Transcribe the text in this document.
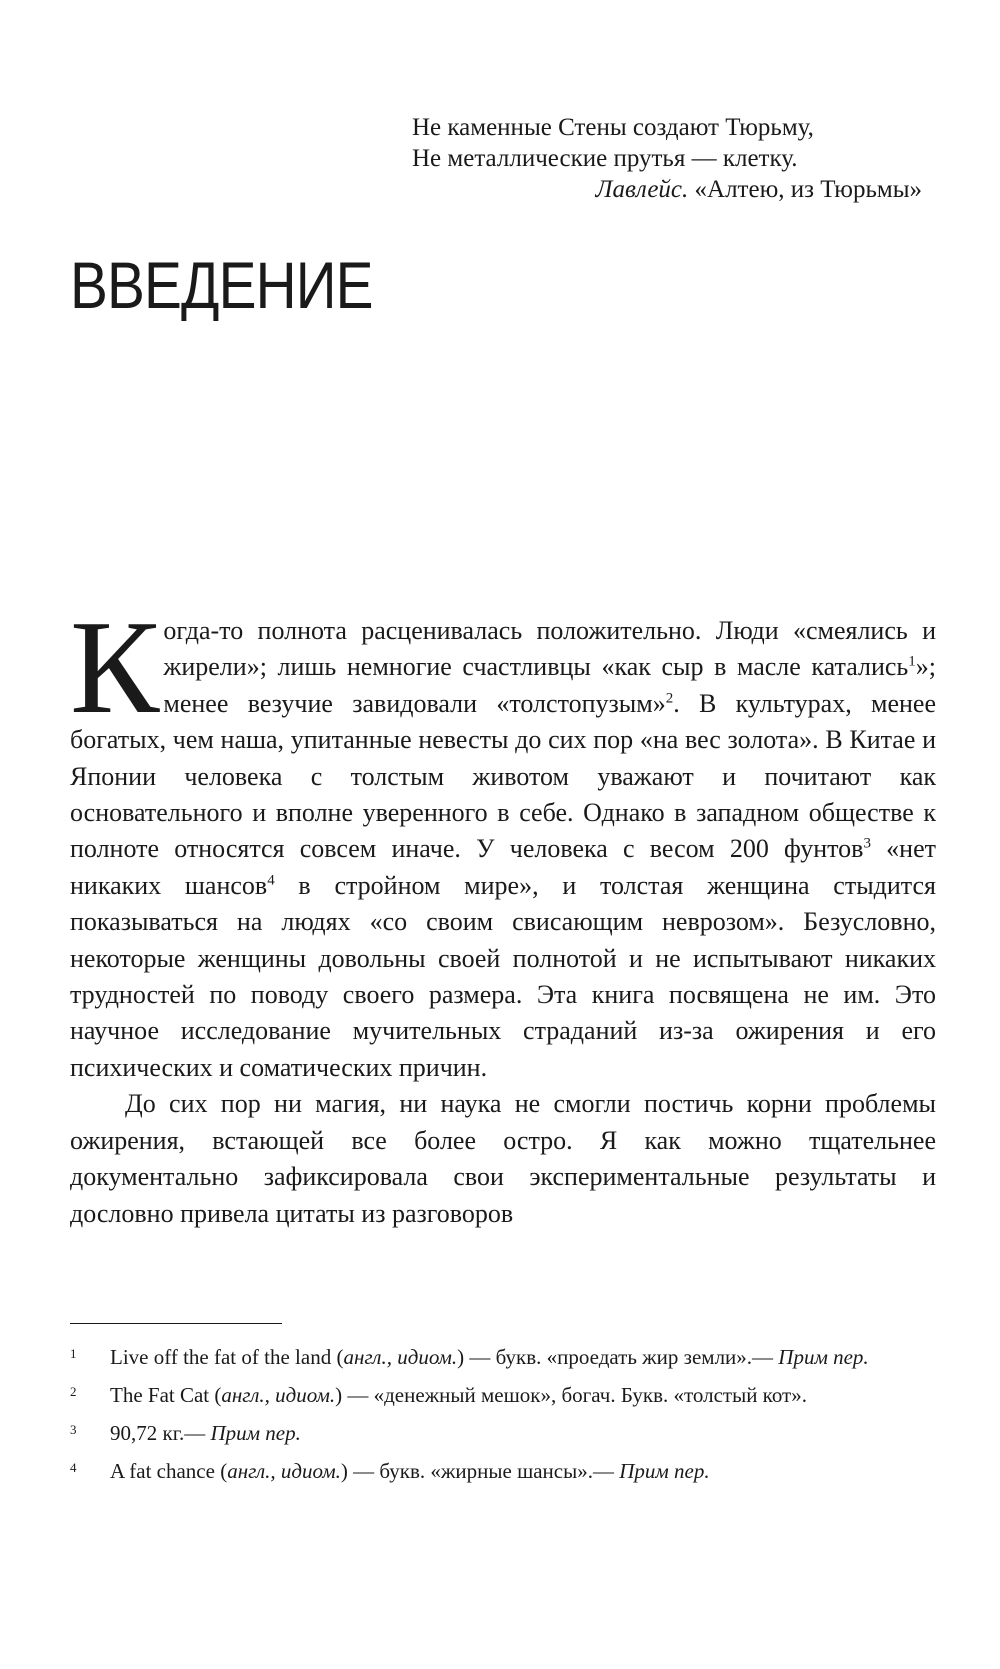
Не каменные Стены создают Тюрьму,
Не металлические прутья — клетку.
Лавлейс. «Алтею, из Тюрьмы»
ВВЕДЕНИЕ

Когда-то полнота расценивалась положительно. Люди «смеялись и жирели»; лишь немногие счастливцы «как сыр в масле катались$^1$»; менее везучие завидовали «толстопузым»$^2$. В культурах, менее богатых, чем наша, упитанные невесты до сих пор «на вес золота». В Китае и Японии человека с толстым животом уважают и почитают как основательного и вполне уверенного в себе. Однако в западном обществе к полноте относятся совсем иначе. У человека с весом 200 фунтов$^3$ «нет никаких шансов$^4$ в стройном мире», и толстая женщина стыдится показываться на людях «со своим свисающим неврозом». Безусловно, некоторые женщины довольны своей полнотой и не испытывают никаких трудностей по поводу своего размера. Эта книга посвящена не им. Это научное исследование мучительных страданий из-за ожирения и его психических и соматических причин.

До сих пор ни магия, ни наука не смогли постичь корни проблемы ожирения, встающей все более остро. Я как можно тщательнее документально зафиксировала свои экспериментальные результаты и дословно привела цитаты из разговоров

1 Live off the fat of the land (англ., идиом.) — букв. «проедать жир земли».— Прим пер.
2 The Fat Cat (англ., идиом.) — «денежный мешок», богач. Букв. «толстый кот».
3 90,72 кг.— Прим пер.
4 A fat chance (англ., идиом.) — букв. «жирные шансы».— Прим пер.
